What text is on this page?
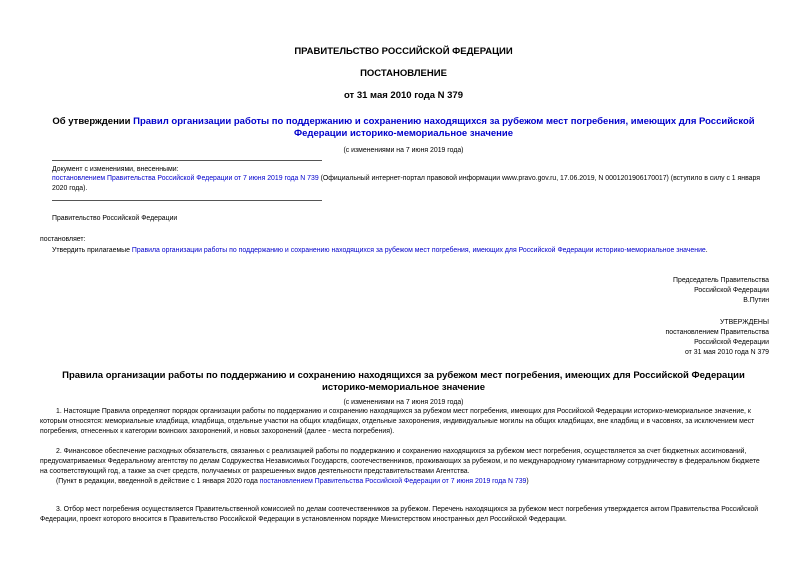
ПРАВИТЕЛЬСТВО РОССИЙСКОЙ ФЕДЕРАЦИИ
ПОСТАНОВЛЕНИЕ
от 31 мая 2010 года N 379
Об утверждении Правил организации работы по поддержанию и сохранению находящихся за рубежом мест погребения, имеющих для Российской Федерации историко-мемориальное значение
(с изменениями на 7 июня 2019 года)
Документ с изменениями, внесенными:
постановлением Правительства Российской Федерации от 7 июня 2019 года N 739 (Официальный интернет-портал правовой информации www.pravo.gov.ru, 17.06.2019, N 0001201906170017) (вступило в силу с 1 января 2020 года).
Правительство Российской Федерации
постановляет:
Утвердить прилагаемые Правила организации работы по поддержанию и сохранению находящихся за рубежом мест погребения, имеющих для Российской Федерации историко-мемориальное значение.
Председатель Правительства
Российской Федерации
В.Путин
УТВЕРЖДЕНЫ
постановлением Правительства
Российской Федерации
от 31 мая 2010 года N 379
Правила организации работы по поддержанию и сохранению находящихся за рубежом мест погребения, имеющих для Российской Федерации историко-мемориальное значение
(с изменениями на 7 июня 2019 года)
1. Настоящие Правила определяют порядок организации работы по поддержанию и сохранению находящихся за рубежом мест погребения, имеющих для Российской Федерации историко-мемориальное значение, к которым относятся: мемориальные кладбища, кладбища, отдельные участки на общих кладбищах, отдельные захоронения, индивидуальные могилы на общих кладбищах, вне кладбищ и в часовнях, за исключением мест погребения, отнесенных к категории воинских захоронений, и новых захоронений (далее - места погребения).
2. Финансовое обеспечение расходных обязательств, связанных с реализацией работы по поддержанию и сохранению находящихся за рубежом мест погребения, осуществляется за счет бюджетных ассигнований, предусматриваемых Федеральному агентству по делам Содружества Независимых Государств, соотечественников, проживающих за рубежом, и по международному гуманитарному сотрудничеству в федеральном бюджете на соответствующий год, а также за счет средств, получаемых от разрешенных видов деятельности представительствами Агентства.
(Пункт в редакции, введенной в действие с 1 января 2020 года постановлением Правительства Российской Федерации от 7 июня 2019 года N 739)
3. Отбор мест погребения осуществляется Правительственной комиссией по делам соотечественников за рубежом. Перечень находящихся за рубежом мест погребения утверждается актом Правительства Российской Федерации, проект которого вносится в Правительство Российской Федерации в установленном порядке Министерством иностранных дел Российской Федерации.
